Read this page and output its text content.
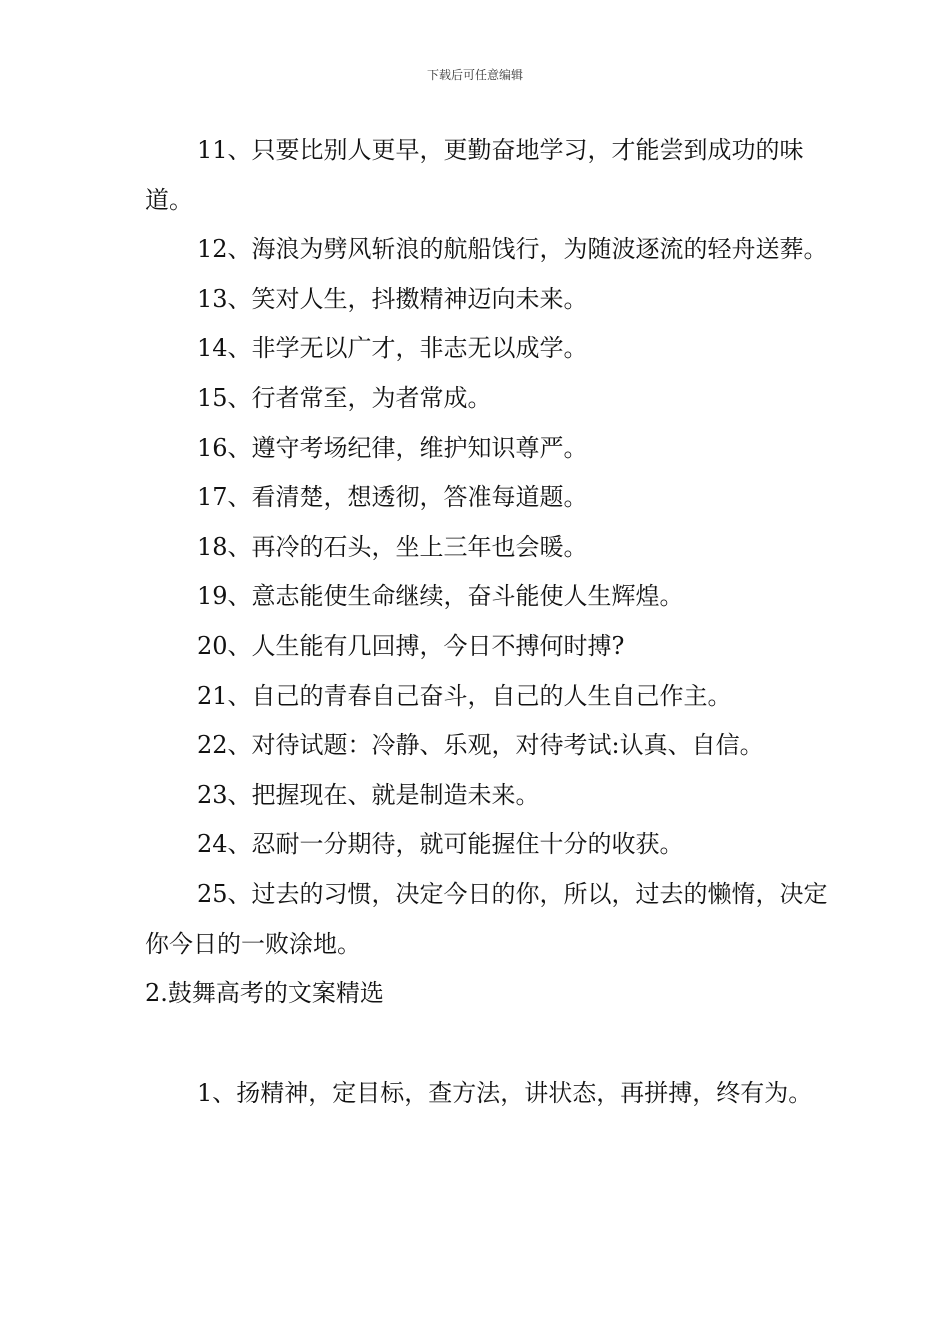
下载后可任意编辑

11、只要比别人更早，更勤奋地学习，才能尝到成功的味道。

12、海浪为劈风斩浪的航船饯行，为随波逐流的轻舟送葬。

13、笑对人生，抖擞精神迈向未来。

14、非学无以广才，非志无以成学。

15、行者常至，为者常成。

16、遵守考场纪律，维护知识尊严。

17、看清楚，想透彻，答准每道题。

18、再冷的石头，坐上三年也会暖。

19、意志能使生命继续，奋斗能使人生辉煌。

20、人生能有几回搏，今日不搏何时搏?

21、自己的青春自己奋斗，自己的人生自己作主。

22、对待试题：冷静、乐观，对待考试:认真、自信。

23、把握现在、就是制造未来。

24、忍耐一分期待，就可能握住十分的收获。

25、过去的习惯，决定今日的你，所以，过去的懒惰，决定你今日的一败涂地。

2.鼓舞高考的文案精选

1、扬精神，定目标，查方法，讲状态，再拼搏，终有为。
